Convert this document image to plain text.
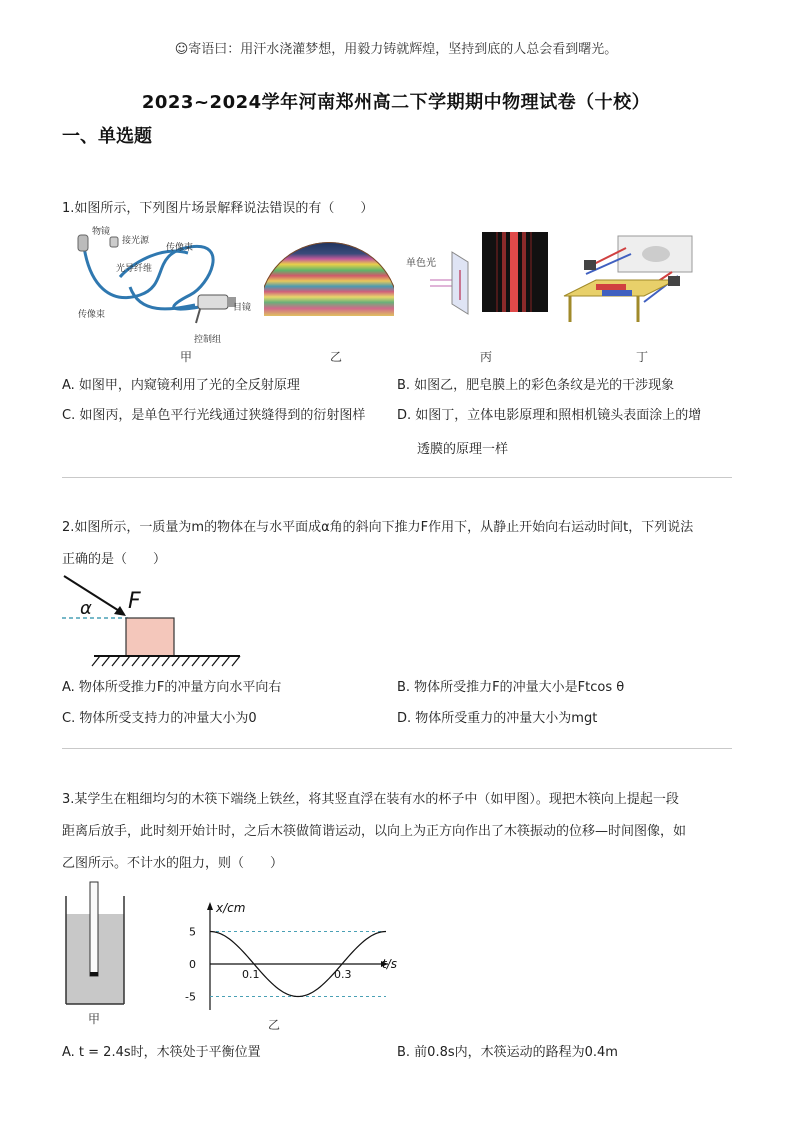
☺寄语曰：用汗水浇灌梦想，用毅力铸就辉煌，坚持到底的人总会看到曙光。
2023~2024学年河南郑州高二下学期期中物理试卷（十校）
一、单选题
1.如图所示，下列图片场景解释说法错误的有（　　）
物镜
接光源
光导纤维
传像束
传像束
目镜
控制组
单色光
甲	乙	丙	丁
A. 如图甲，内窥镜利用了光的全反射原理	B. 如图乙，肥皂膜上的彩色条纹是光的干涉现象
C. 如图丙，是单色平行光线通过狭缝得到的衍射图样 D. 如图丁，立体电影原理和照相机镜头表面涂上的增
透膜的原理一样
2.如图所示，一质量为m的物体在与水平面成α角的斜向下推力F作用下，从静止开始向右运动时间t，下列说法
正确的是（　　）
α F
A. 物体所受推力F的冲量方向水平向右	B. 物体所受推力F的冲量大小是Ftcos θ
C. 物体所受支持力的冲量大小为0	D. 物体所受重力的冲量大小为mgt
3.某学生在粗细均匀的木筷下端绕上铁丝，将其竖直浮在装有水的杯子中（如甲图）。现把木筷向上提起一段
距离后放手，此时刻开始计时，之后木筷做简谐运动，以向上为正方向作出了木筷振动的位移—时间图像，如
乙图所示。不计水的阻力，则（　　）
甲
5
0
-5
0.1	0.3
x/cm
t/s
乙
A. t = 2.4s时，木筷处于平衡位置	B. 前0.8s内，木筷运动的路程为0.4m
